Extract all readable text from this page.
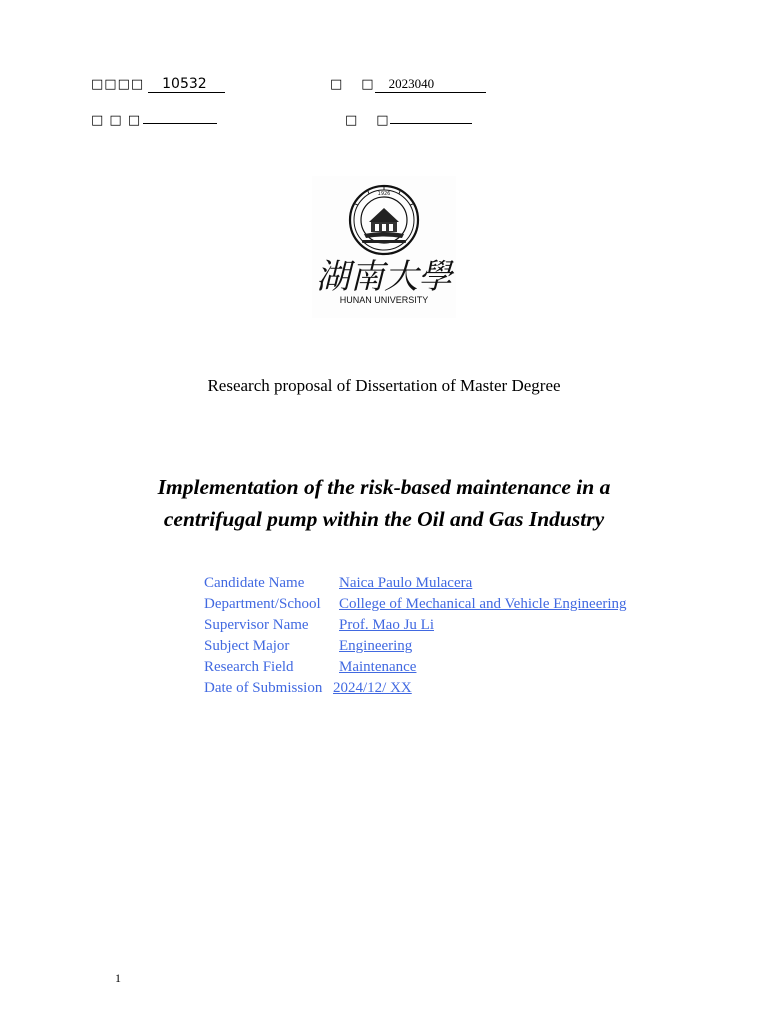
□□□□	10532	□ □	2023040
□ □ □	□ □
1926
湖南大學
HUNAN UNIVERSITY
Research proposal of Dissertation of Master Degree
Implementation of the risk-based maintenance in a
centrifugal pump within the Oil and Gas Industry
Candidate Name Naica Paulo Mulacera
Department/School College of Mechanical and Vehicle Engineering
Supervisor Name Prof. Mao Ju Li
Subject Major	Engineering
Research Field	Maintenance
Date of Submission 2024/12/ XX
1
